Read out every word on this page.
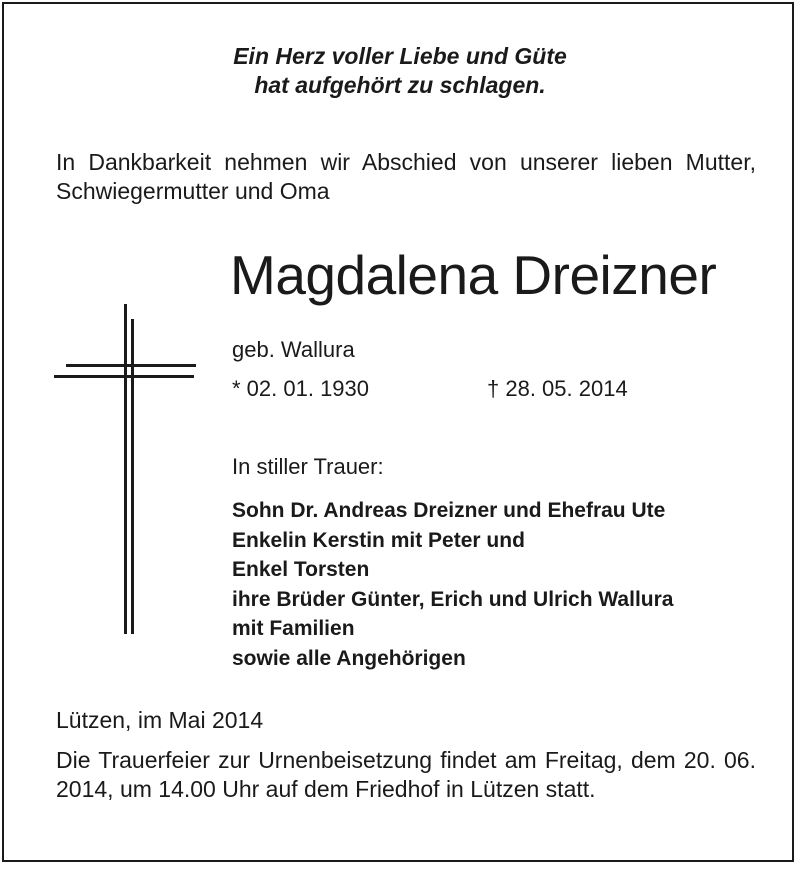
Ein Herz voller Liebe und Güte
hat aufgehört zu schlagen.
In Dankbarkeit nehmen wir Abschied von unserer lieben Mutter, Schwiegermutter und Oma
Magdalena Dreizner
geb. Wallura
* 02. 01. 1930	† 28. 05. 2014
In stiller Trauer:
Sohn Dr. Andreas Dreizner und Ehefrau Ute
Enkelin Kerstin mit Peter und
Enkel Torsten
ihre Brüder Günter, Erich und Ulrich Wallura
mit Familien
sowie alle Angehörigen
Lützen, im Mai 2014
Die Trauerfeier zur Urnenbeisetzung findet am Freitag, dem 20. 06. 2014, um 14.00 Uhr auf dem Friedhof in Lützen statt.
